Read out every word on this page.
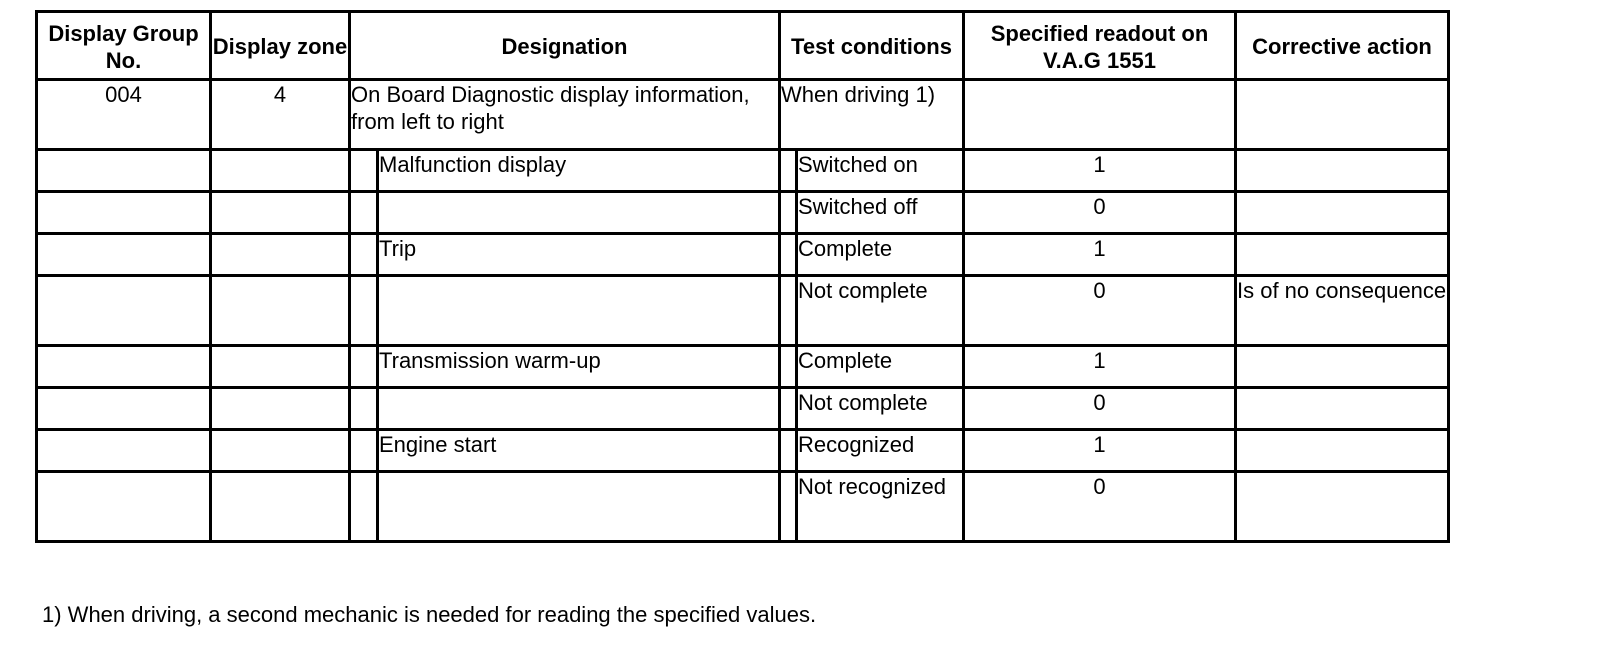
Display Group No.	Display zone	Designation		Test conditions		Specified readout on V.A.G 1551	Corrective action
004	4	On Board Diagnostic display information, from left to right		When driving 1)			
			Malfunction display		Switched on	1	
					Switched off	0	
			Trip		Complete	1	
					Not complete	0	Is of no consequence
			Transmission warm-up		Complete	1	
					Not complete	0	
			Engine start		Recognized	1	
					Not recognized	0	
1) When driving, a second mechanic is needed for reading the specified values.
